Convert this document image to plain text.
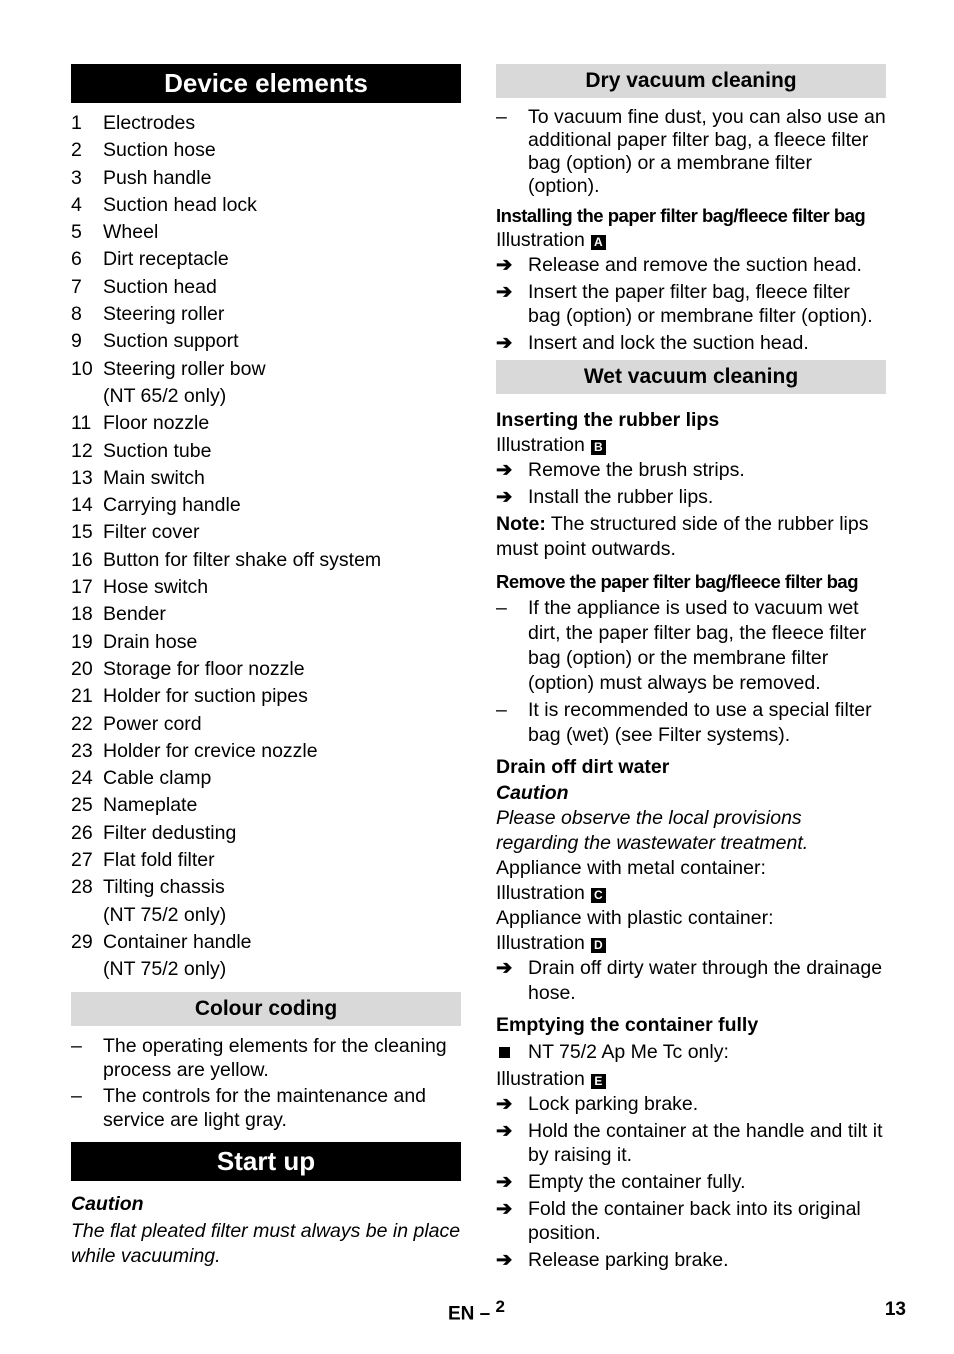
Device elements
1	Electrodes
2	Suction hose
3	Push handle
4	Suction head lock
5	Wheel
6	Dirt receptacle
7	Suction head
8	Steering roller
9	Suction support
10 Steering roller bow
(NT 65/2 only)
11 Floor nozzle
12 Suction tube
13 Main switch
14 Carrying handle
15 Filter cover
16 Button for filter shake off system
17 Hose switch
18 Bender
19 Drain hose
20 Storage for floor nozzle
21 Holder for suction pipes
22 Power cord
23 Holder for crevice nozzle
24 Cable clamp
25 Nameplate
26 Filter dedusting
27 Flat fold filter
28 Tilting chassis
(NT 75/2 only)
29 Container handle
(NT 75/2 only)
Colour coding
–	The operating elements for the cleaning process are yellow.
–	The controls for the maintenance and service are light gray.
Start up
Caution
The flat pleated filter must always be in place while vacuuming.
Dry vacuum cleaning
–	To vacuum fine dust, you can also use an additional paper filter bag, a fleece filter bag (option) or a membrane filter (option).
Installing the paper filter bag/fleece filter bag
Illustration A
➔ Release and remove the suction head.
➔ Insert the paper filter bag, fleece filter bag (option) or membrane filter (option).
➔ Insert and lock the suction head.
Wet vacuum cleaning
Inserting the rubber lips
Illustration B
➔ Remove the brush strips.
➔ Install the rubber lips.
Note: The structured side of the rubber lips must point outwards.
Remove the paper filter bag/fleece filter bag
–	If the appliance is used to vacuum wet dirt, the paper filter bag, the fleece filter bag (option) or the membrane filter (option) must always be removed.
–	It is recommended to use a special filter bag (wet) (see Filter systems).
Drain off dirt water
Caution
Please observe the local provisions regarding the wastewater treatment.
Appliance with metal container:
Illustration C
Appliance with plastic container:
Illustration D
➔ Drain off dirty water through the drainage hose.
Emptying the container fully
NT 75/2 Ap Me Tc only:
Illustration E
➔ Lock parking brake.
➔ Hold the container at the handle and tilt it by raising it.
➔ Empty the container fully.
➔ Fold the container back into its original position.
➔ Release parking brake.
EN – $^2$	13
